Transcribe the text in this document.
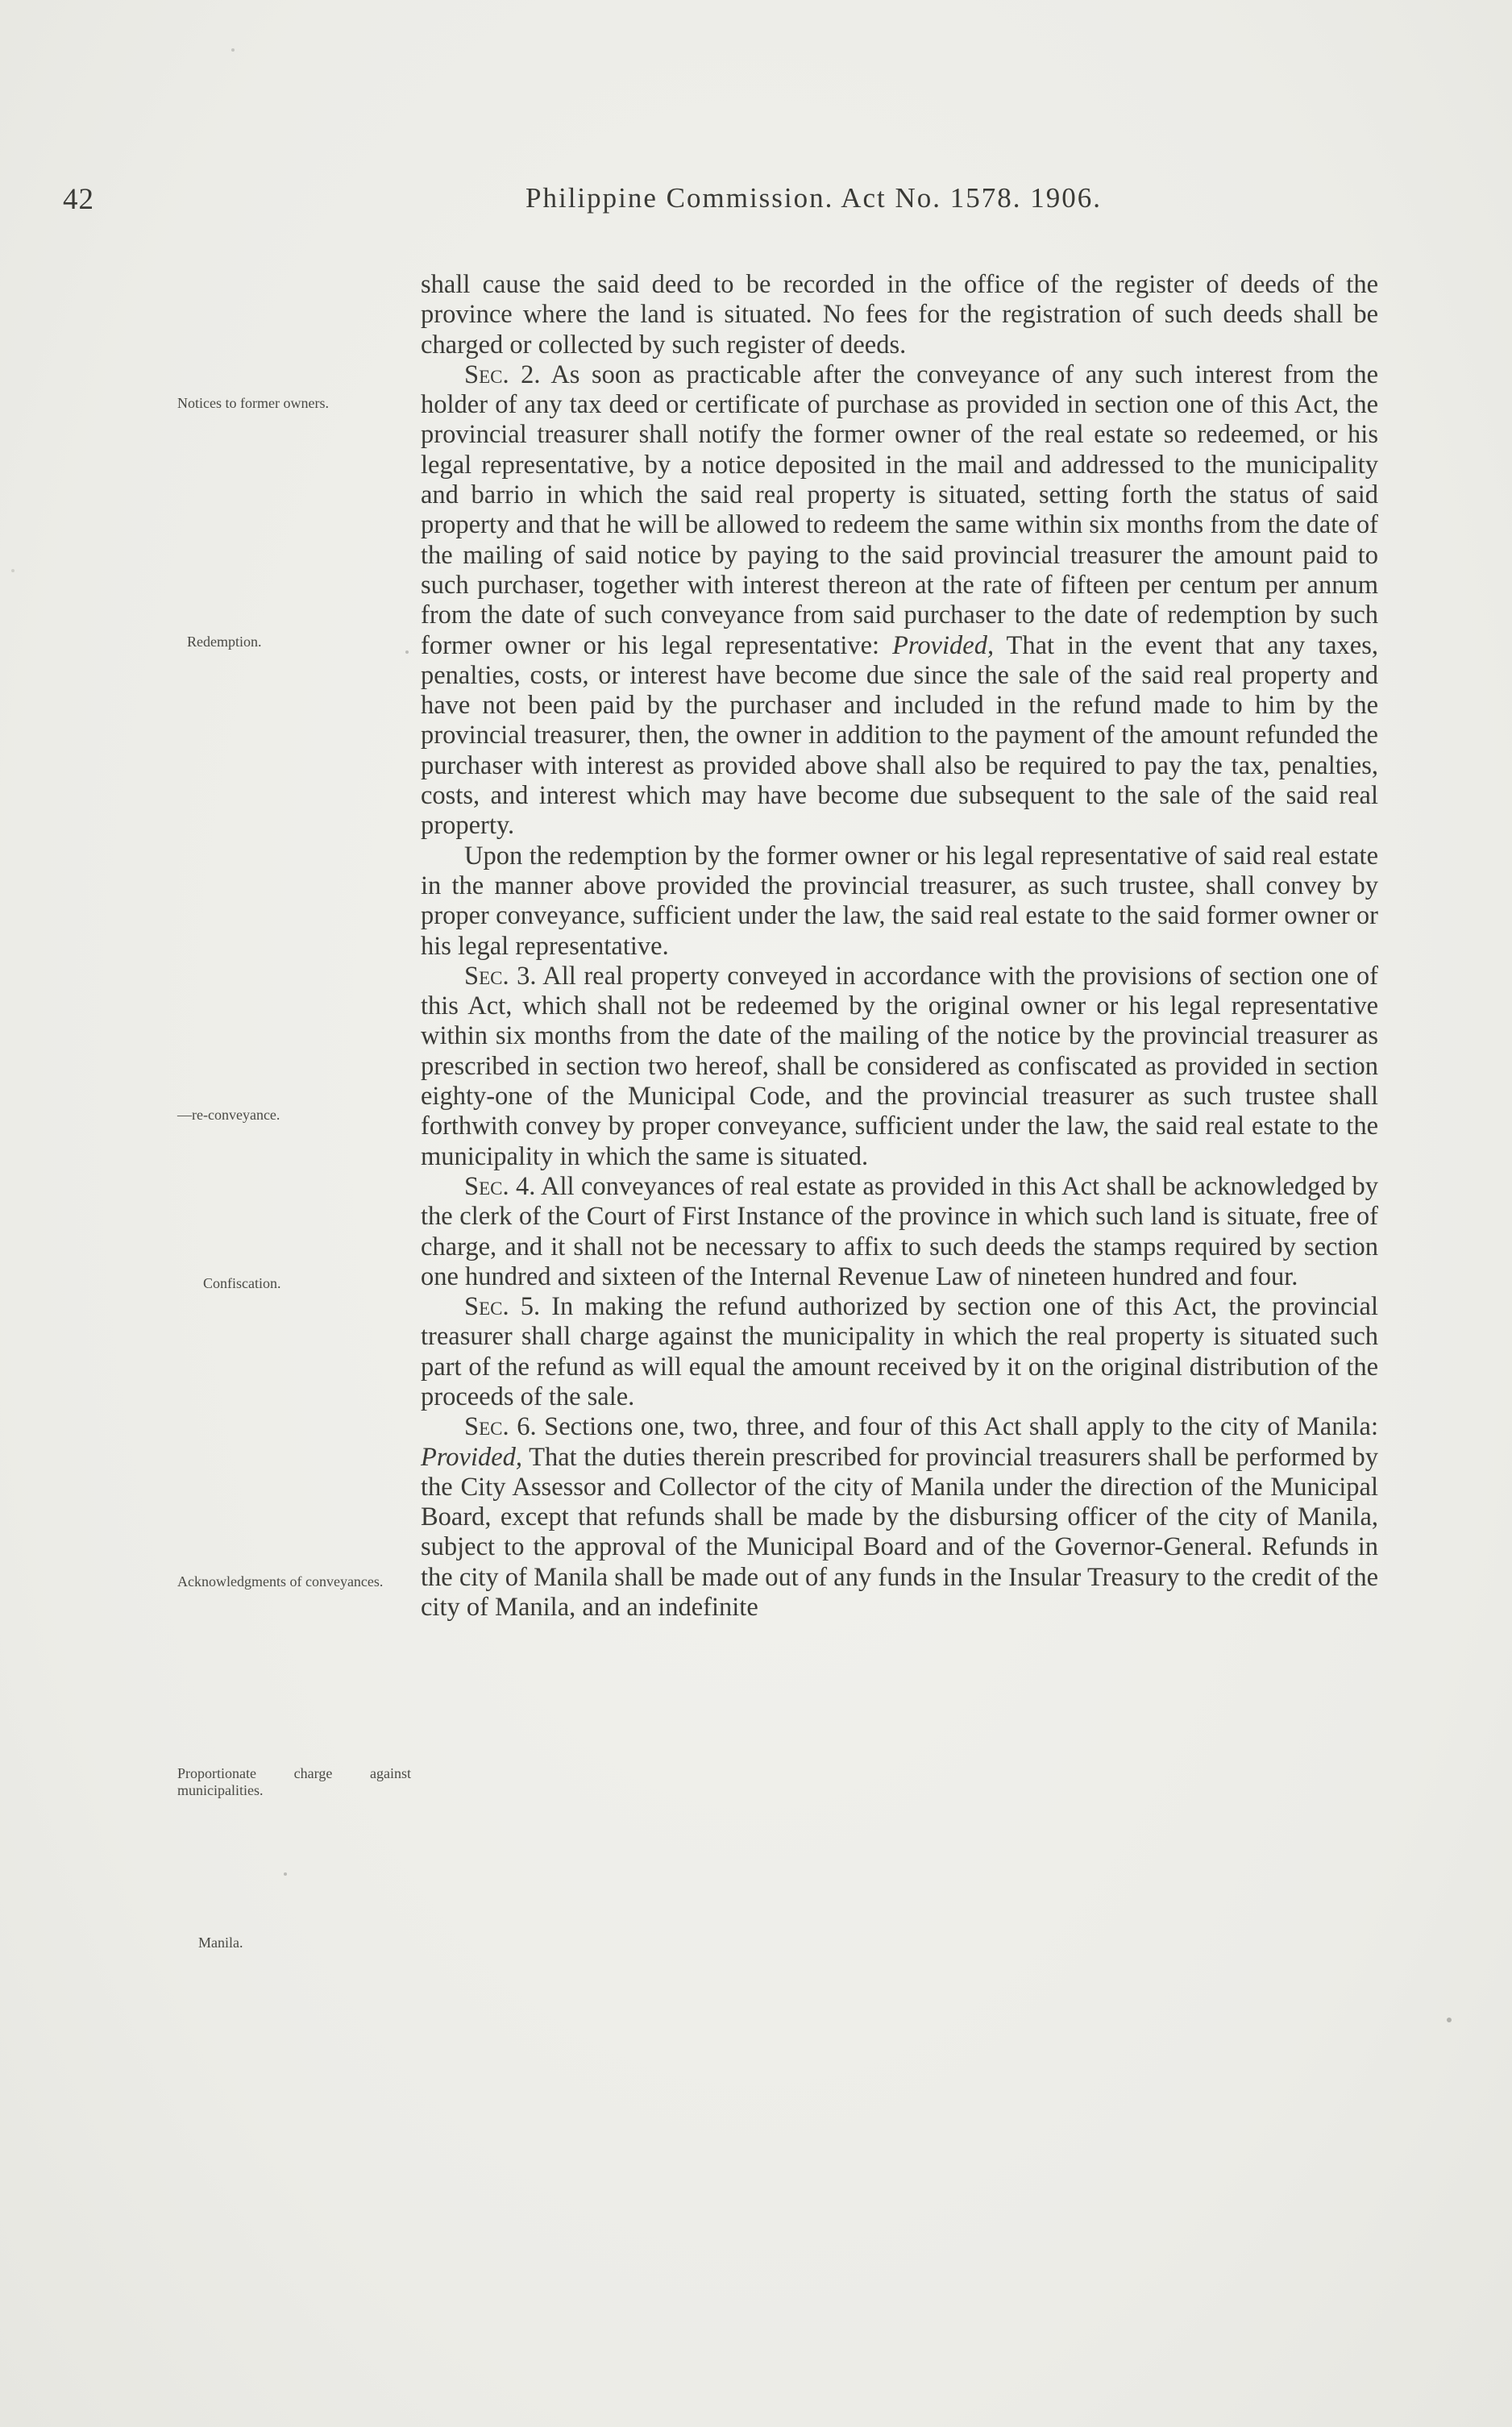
42	Philippine Commission. Act No. 1578. 1906.
Notices to former owners.
Redemption.
—re-conveyance.
Confiscation.
Acknowledgments of conveyances.
Proportionate charge against municipalities.
Manila.

shall cause the said deed to be recorded in the office of the register of deeds of the province where the land is situated. No fees for the registration of such deeds shall be charged or collected by such register of deeds.

Sec. 2. As soon as practicable after the conveyance of any such interest from the holder of any tax deed or certificate of purchase as provided in section one of this Act, the provincial treasurer shall notify the former owner of the real estate so redeemed, or his legal representative, by a notice deposited in the mail and addressed to the municipality and barrio in which the said real property is situated, setting forth the status of said property and that he will be allowed to redeem the same within six months from the date of the mailing of said notice by paying to the said provincial treasurer the amount paid to such purchaser, together with interest thereon at the rate of fifteen per centum per annum from the date of such conveyance from said purchaser to the date of redemption by such former owner or his legal representative: Provided, That in the event that any taxes, penalties, costs, or interest have become due since the sale of the said real property and have not been paid by the purchaser and included in the refund made to him by the provincial treasurer, then, the owner in addition to the payment of the amount refunded the purchaser with interest as provided above shall also be required to pay the tax, penalties, costs, and interest which may have become due subsequent to the sale of the said real property.

Upon the redemption by the former owner or his legal representative of said real estate in the manner above provided the provincial treasurer, as such trustee, shall convey by proper conveyance, sufficient under the law, the said real estate to the said former owner or his legal representative.

Sec. 3. All real property conveyed in accordance with the provisions of section one of this Act, which shall not be redeemed by the original owner or his legal representative within six months from the date of the mailing of the notice by the provincial treasurer as prescribed in section two hereof, shall be considered as confiscated as provided in section eighty-one of the Municipal Code, and the provincial treasurer as such trustee shall forthwith convey by proper conveyance, sufficient under the law, the said real estate to the municipality in which the same is situated.

Sec. 4. All conveyances of real estate as provided in this Act shall be acknowledged by the clerk of the Court of First Instance of the province in which such land is situate, free of charge, and it shall not be necessary to affix to such deeds the stamps required by section one hundred and sixteen of the Internal Revenue Law of nineteen hundred and four.

Sec. 5. In making the refund authorized by section one of this Act, the provincial treasurer shall charge against the municipality in which the real property is situated such part of the refund as will equal the amount received by it on the original distribution of the proceeds of the sale.

Sec. 6. Sections one, two, three, and four of this Act shall apply to the city of Manila: Provided, That the duties therein prescribed for provincial treasurers shall be performed by the City Assessor and Collector of the city of Manila under the direction of the Municipal Board, except that refunds shall be made by the disbursing officer of the city of Manila, subject to the approval of the Municipal Board and of the Governor-General. Refunds in the city of Manila shall be made out of any funds in the Insular Treasury to the credit of the city of Manila, and an indefinite
